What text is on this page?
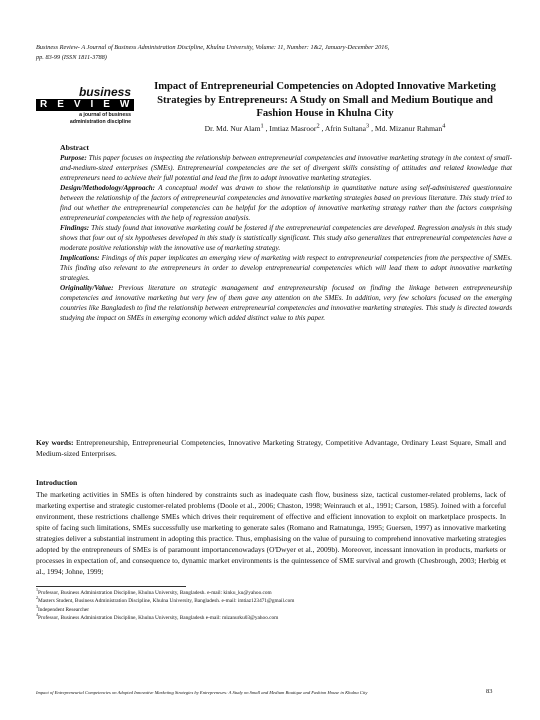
Business Review- A Journal of Business Administration Discipline, Khulna University, Volume: 11, Number: 1&2, January-December 2016,
pp. 83-99 (ISSN 1811-3788)
business
R E V I E W
a journal of business
administration discipline
Impact of Entrepreneurial Competencies on Adopted Innovative Marketing Strategies by Entrepreneurs: A Study on Small and Medium Boutique and Fashion House in Khulna City
Dr. Md. Nur Alam$^1$ , Imtiaz Masroor$^2$ , Afrin Sultana$^3$ , Md. Mizanur Rahman$^4$
Abstract

Purpose: This paper focuses on inspecting the relationship between entrepreneurial competencies and innovative marketing strategy in the context of small-and-medium-sized enterprises (SMEs). Entrepreneurial competencies are the set of divergent skills consisting of attitudes and related knowledge that entrepreneurs need to achieve their full potential and lead the firm to adopt innovative marketing strategies.

Design/Methodology/Approach: A conceptual model was drawn to show the relationship in quantitative nature using self-administered questionnaire between the relationship of the factors of entrepreneurial competencies and innovative marketing strategies based on previous literature. This study tried to find out whether the entrepreneurial competencies can be helpful for the adoption of innovative marketing strategy rather than the factors comprising entrepreneurial competencies with the help of regression analysis.

Findings: This study found that innovative marketing could be fostered if the entrepreneurial competencies are developed. Regression analysis in this study shows that four out of six hypotheses developed in this study is statistically significant. This study also generalizes that entrepreneurial competencies have a moderate positive relationship with the innovative use of marketing strategy.

Implications: Findings of this paper implicates an emerging view of marketing with respect to entrepreneurial competencies from the perspective of SMEs. This finding also relevant to the entrepreneurs in order to develop entrepreneurial competencies which will lead them to adopt innovative marketing strategies.

Originality/Value: Previous literature on strategic management and entrepreneurship focused on finding the linkage between entrepreneurship competencies and innovative marketing but very few of them gave any attention on the SMEs. In addition, very few scholars focused on the emerging countries like Bangladesh to find the relationship between entrepreneurial competencies and innovative marketing strategies. This study is directed towards studying the impact on SMEs in emerging economy which added distinct value to this paper.

Key words: Entrepreneurship, Entrepreneurial Competencies, Innovative Marketing Strategy, Competitive Advantage, Ordinary Least Square, Small and Medium-sized Enterprises.
Introduction

The marketing activities in SMEs is often hindered by constraints such as inadequate cash flow, business size, tactical customer-related problems, lack of marketing expertise and strategic customer-related problems (Doole et al., 2006; Chaston, 1998; Weinrauch et al., 1991; Carson, 1985). Joined with a forceful environment, these restrictions challenge SMEs which drives their requirement of effective and efficient innovation to exploit on marketplace prospects. In spite of facing such limitations, SMEs successfully use marketing to generate sales (Romano and Ratnatunga, 1995; Guersen, 1997) as innovative marketing strategies deliver a substantial instrument in adopting this practice. Thus, emphasising on the value of pursuing to comprehend innovative marketing strategies adopted by the entrepreneurs of SMEs is of paramount importancenowadays (O'Dwyer et al., 2009b). Moreover, incessant innovation in products, markets or processes in expectation of, and consequence to, dynamic market environments is the quintessence of SME survival and growth (Chesbrough, 2003; Herbig et al., 1994; Johne, 1999;

$^1$Professor, Business Administration Discipline, Khulna University, Bangladesh. e-mail: kinku_ku@yahoo.com
$^2$Masters Student, Business Administration Discipline, Khulna University, Bangladesh. e-mail: imtiaz123471@gmail.com
$^3$Independent Researcher
$^4$Professor, Business Administration Discipline, Khulna University, Bangladesh e-mail: mizanurku03@yahoo.com
Impact of Entrepreneurial Competencies on Adopted Innovative Marketing Strategies by Entrepreneurs: A Study on Small and Medium Boutique and Fashion House in Khulna City	83
